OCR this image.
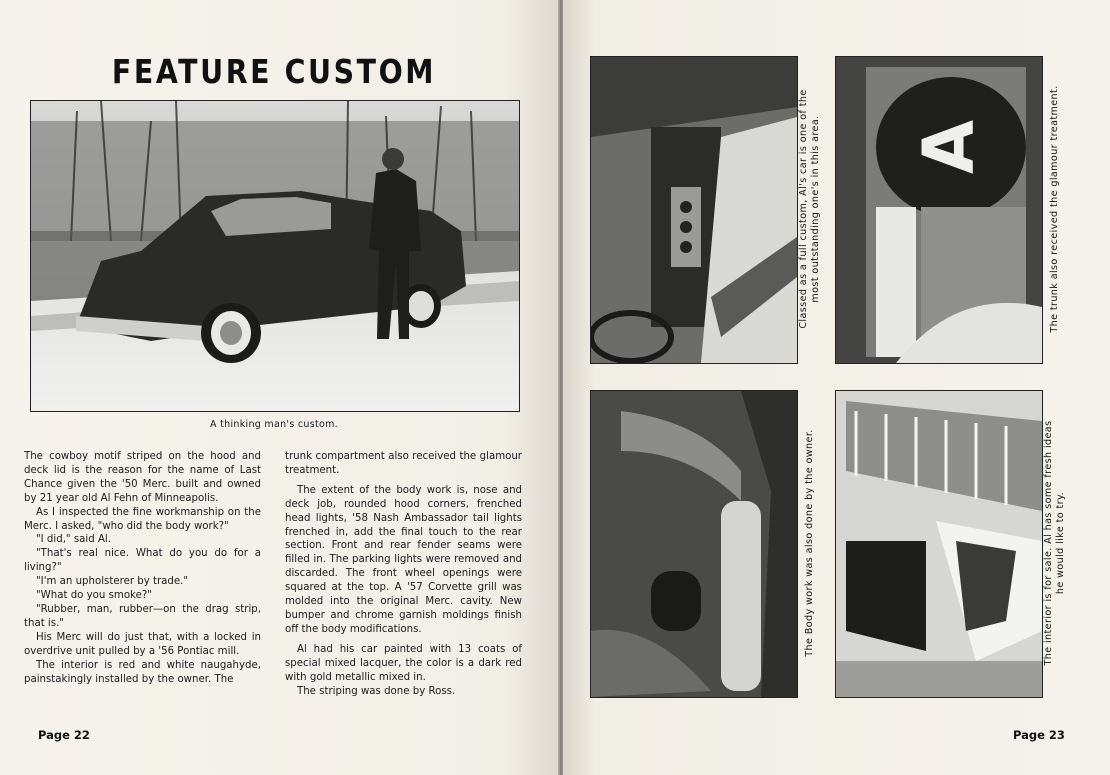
FEATURE CUSTOM
A thinking man's custom.

The cowboy motif striped on the hood and deck lid is the reason for the name of Last Chance given the '50 Merc. built and owned by 21 year old Al Fehn of Minneapolis.

As I inspected the fine workmanship on the Merc. I asked, "who did the body work?"

"I did," said Al.

"That's real nice. What do you do for a living?"

"I'm an upholsterer by trade."

"What do you smoke?"

"Rubber, man, rubber—on the drag strip, that is."

His Merc will do just that, with a locked in overdrive unit pulled by a '56 Pontiac mill.

The interior is red and white naugahyde, painstakingly installed by the owner. The

trunk compartment also received the glamour treatment.

The extent of the body work is, nose and deck job, rounded hood corners, frenched head lights, '58 Nash Ambassador tail lights frenched in, add the final touch to the rear section. Front and rear fender seams were filled in. The parking lights were removed and discarded. The front wheel openings were squared at the top. A '57 Corvette grill was molded into the original Merc. cavity. New bumper and chrome garnish moldings finish off the body modifications.

Al had his car painted with 13 coats of special mixed lacquer, the color is a dark red with gold metallic mixed in.

The striping was done by Ross.

Page 22
Classed as a full custom, Al's car is one of the most outstanding one's in this area. A	The trunk also received the glamour treatment.
The Body work was also done by the owner.	The interior is for sale. Al has some fresh ideas he would like to try.
Page 23
